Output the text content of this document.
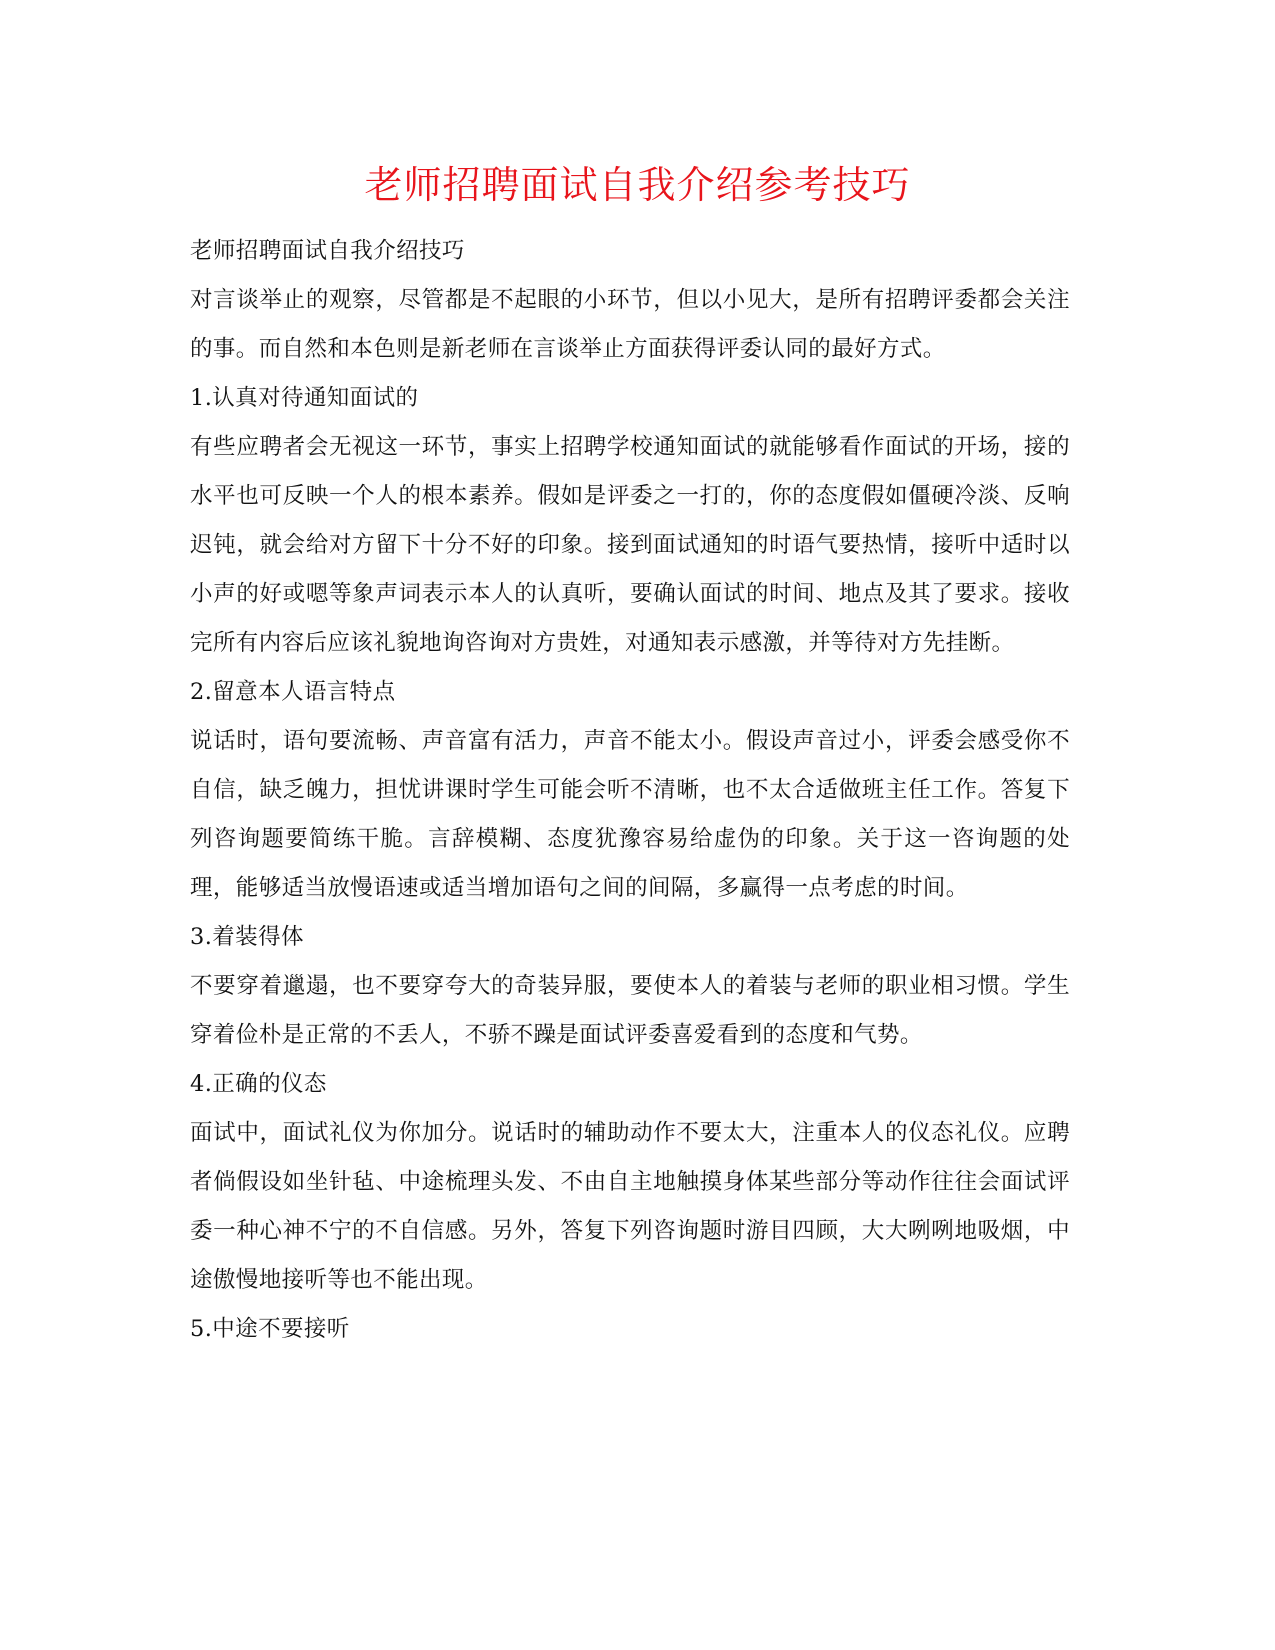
老师招聘面试自我介绍参考技巧

老师招聘面试自我介绍技巧

对言谈举止的观察，尽管都是不起眼的小环节，但以小见大，是所有招聘评委都会关注的事。而自然和本色则是新老师在言谈举止方面获得评委认同的最好方式。

1.认真对待通知面试的

有些应聘者会无视这一环节，事实上招聘学校通知面试的就能够看作面试的开场，接的水平也可反映一个人的根本素养。假如是评委之一打的，你的态度假如僵硬冷淡、反响迟钝，就会给对方留下十分不好的印象。接到面试通知的时语气要热情，接听中适时以小声的好或嗯等象声词表示本人的认真听，要确认面试的时间、地点及其了要求。接收完所有内容后应该礼貌地询咨询对方贵姓，对通知表示感激，并等待对方先挂断。

2.留意本人语言特点

说话时，语句要流畅、声音富有活力，声音不能太小。假设声音过小，评委会感受你不自信，缺乏魄力，担忧讲课时学生可能会听不清晰，也不太合适做班主任工作。答复下列咨询题要简练干脆。言辞模糊、态度犹豫容易给虚伪的印象。关于这一咨询题的处理，能够适当放慢语速或适当增加语句之间的间隔，多赢得一点考虑的时间。

3.着装得体

不要穿着邋遢，也不要穿夸大的奇装异服，要使本人的着装与老师的职业相习惯。学生穿着俭朴是正常的不丢人，不骄不躁是面试评委喜爱看到的态度和气势。

4.正确的仪态

面试中，面试礼仪为你加分。说话时的辅助动作不要太大，注重本人的仪态礼仪。应聘者倘假设如坐针毡、中途梳理头发、不由自主地触摸身体某些部分等动作往往会面试评委一种心神不宁的不自信感。另外，答复下列咨询题时游目四顾，大大咧咧地吸烟，中途傲慢地接听等也不能出现。

5.中途不要接听
